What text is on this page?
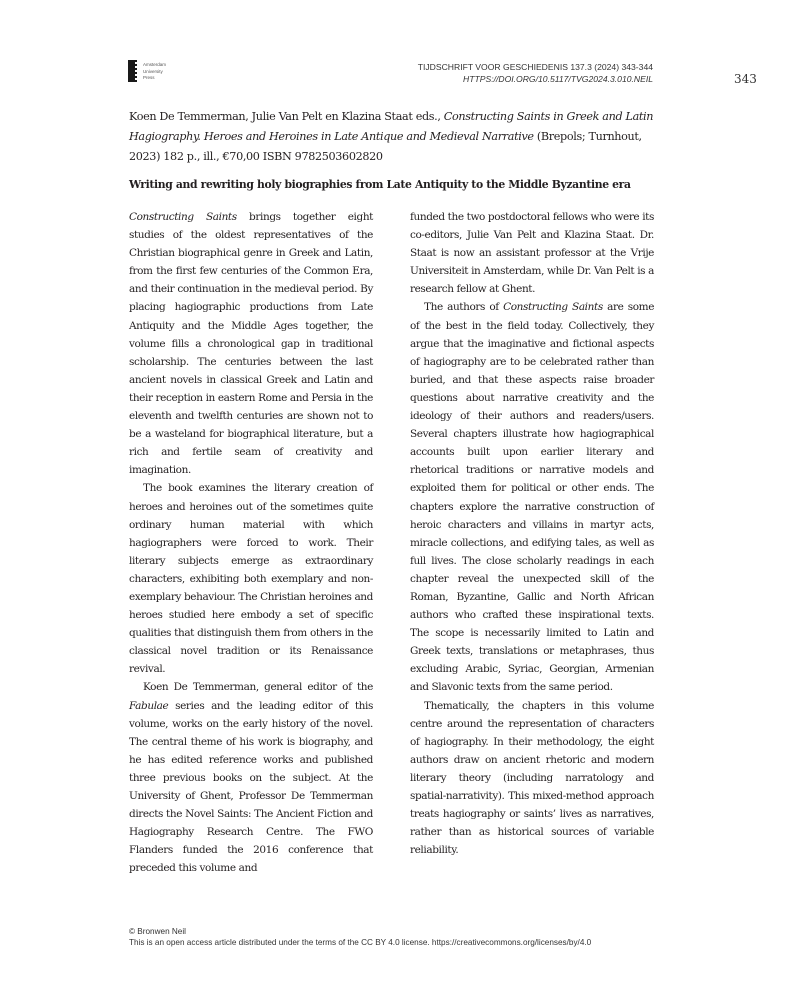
Amsterdam
University
Press
TIJDSCHRIFT VOOR GESCHIEDENIS 137.3 (2024) 343-344
HTTPS://DOI.ORG/10.5117/TVG2024.3.010.NEIL	343
Koen De Temmerman, Julie Van Pelt en Klazina Staat eds., Constructing Saints in Greek and Latin Hagiography. Heroes and Heroines in Late Antique and Medieval Narrative (Brepols; Turnhout, 2023) 182 p., ill., €70,00 ISBN 9782503602820
Writing and rewriting holy biographies from Late Antiquity to the Middle Byzantine era

Constructing Saints brings together eight studies of the oldest representatives of the Christian biographical genre in Greek and Latin, from the first few centuries of the Common Era, and their continuation in the medieval period. By placing hagiographic productions from Late Antiquity and the Middle Ages together, the volume fills a chronological gap in traditional scholarship. The centuries between the last ancient novels in classical Greek and Latin and their reception in eastern Rome and Persia in the eleventh and twelfth centuries are shown not to be a wasteland for biographical literature, but a rich and fertile seam of creativity and imagination.

The book examines the literary creation of heroes and heroines out of the sometimes quite ordinary human material with which hagiographers were forced to work. Their literary subjects emerge as extraordinary characters, exhibiting both exemplary and non-exemplary behaviour. The Christian heroines and heroes studied here embody a set of specific qualities that distinguish them from others in the classical novel tradition or its Renaissance revival.

Koen De Temmerman, general editor of the Fabulae series and the leading editor of this volume, works on the early history of the novel. The central theme of his work is biography, and he has edited reference works and published three previous books on the subject. At the University of Ghent, Professor De Temmerman directs the Novel Saints: The Ancient Fiction and Hagiography Research Centre. The FWO Flanders funded the 2016 conference that preceded this volume and

funded the two postdoctoral fellows who were its co-editors, Julie Van Pelt and Klazina Staat. Dr. Staat is now an assistant professor at the Vrije Universiteit in Amsterdam, while Dr. Van Pelt is a research fellow at Ghent.

The authors of Constructing Saints are some of the best in the field today. Collectively, they argue that the imaginative and fictional aspects of hagiography are to be celebrated rather than buried, and that these aspects raise broader questions about narrative creativity and the ideology of their authors and readers/users. Several chapters illustrate how hagiographical accounts built upon earlier literary and rhetorical traditions or narrative models and exploited them for political or other ends. The chapters explore the narrative construction of heroic characters and villains in martyr acts, miracle collections, and edifying tales, as well as full lives. The close scholarly readings in each chapter reveal the unexpected skill of the Roman, Byzantine, Gallic and North African authors who crafted these inspirational texts. The scope is necessarily limited to Latin and Greek texts, translations or metaphrases, thus excluding Arabic, Syriac, Georgian, Armenian and Slavonic texts from the same period.

Thematically, the chapters in this volume centre around the representation of characters of hagiography. In their methodology, the eight authors draw on ancient rhetoric and modern literary theory (including narratology and spatial-narrativity). This mixed-method approach treats hagiography or saints’ lives as narratives, rather than as historical sources of variable reliability.

© Bronwen Neil
This is an open access article distributed under the terms of the CC BY 4.0 license. https://creativecommons.org/licenses/by/4.0
